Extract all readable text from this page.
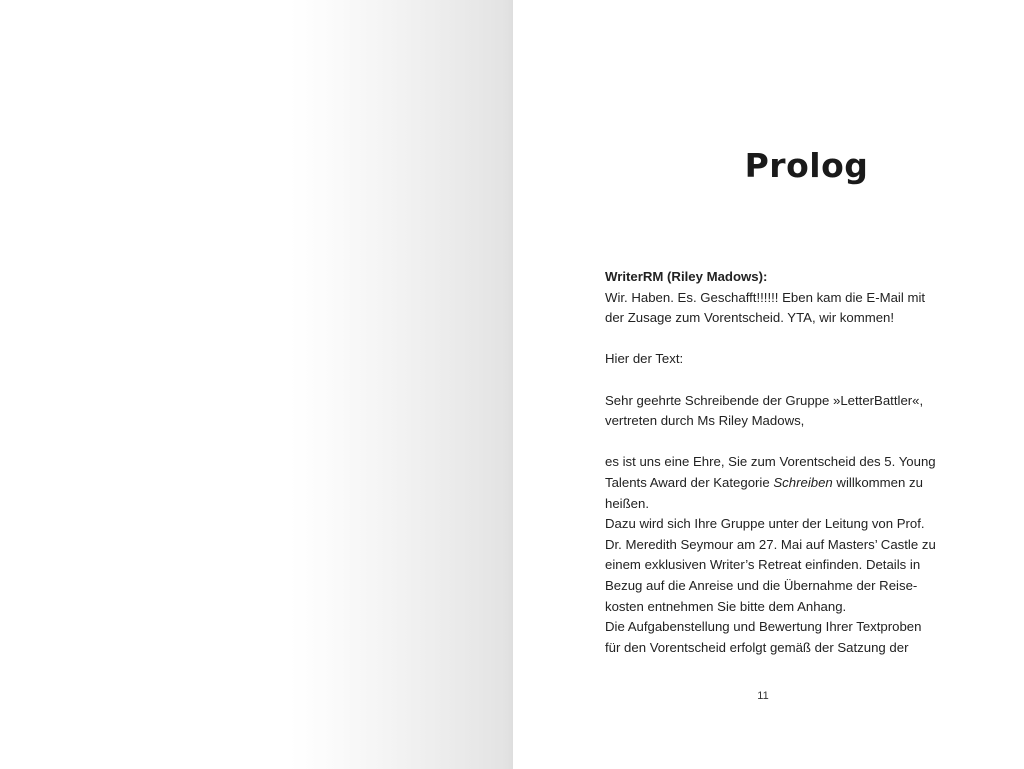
Prolog
WriterRM (Riley Madows):
Wir. Haben. Es. Geschafft!!!!!! Eben kam die E-Mail mit
der Zusage zum Vorentscheid. YTA, wir kommen!
Hier der Text:
Sehr geehrte Schreibende der Gruppe »LetterBattler«,
vertreten durch Ms Riley Madows,
es ist uns eine Ehre, Sie zum Vorentscheid des 5. Young
Talents Award der Kategorie Schreiben willkommen zu
heißen.
Dazu wird sich Ihre Gruppe unter der Leitung von Prof.
Dr. Meredith Seymour am 27. Mai auf Masters’ Castle zu
einem exklusiven Writer’s Retreat einfinden. Details in
Bezug auf die Anreise und die Übernahme der Reise-
kosten entnehmen Sie bitte dem Anhang.
Die Aufgabenstellung und Bewertung Ihrer Textproben
für den Vorentscheid erfolgt gemäß der Satzung der
11
